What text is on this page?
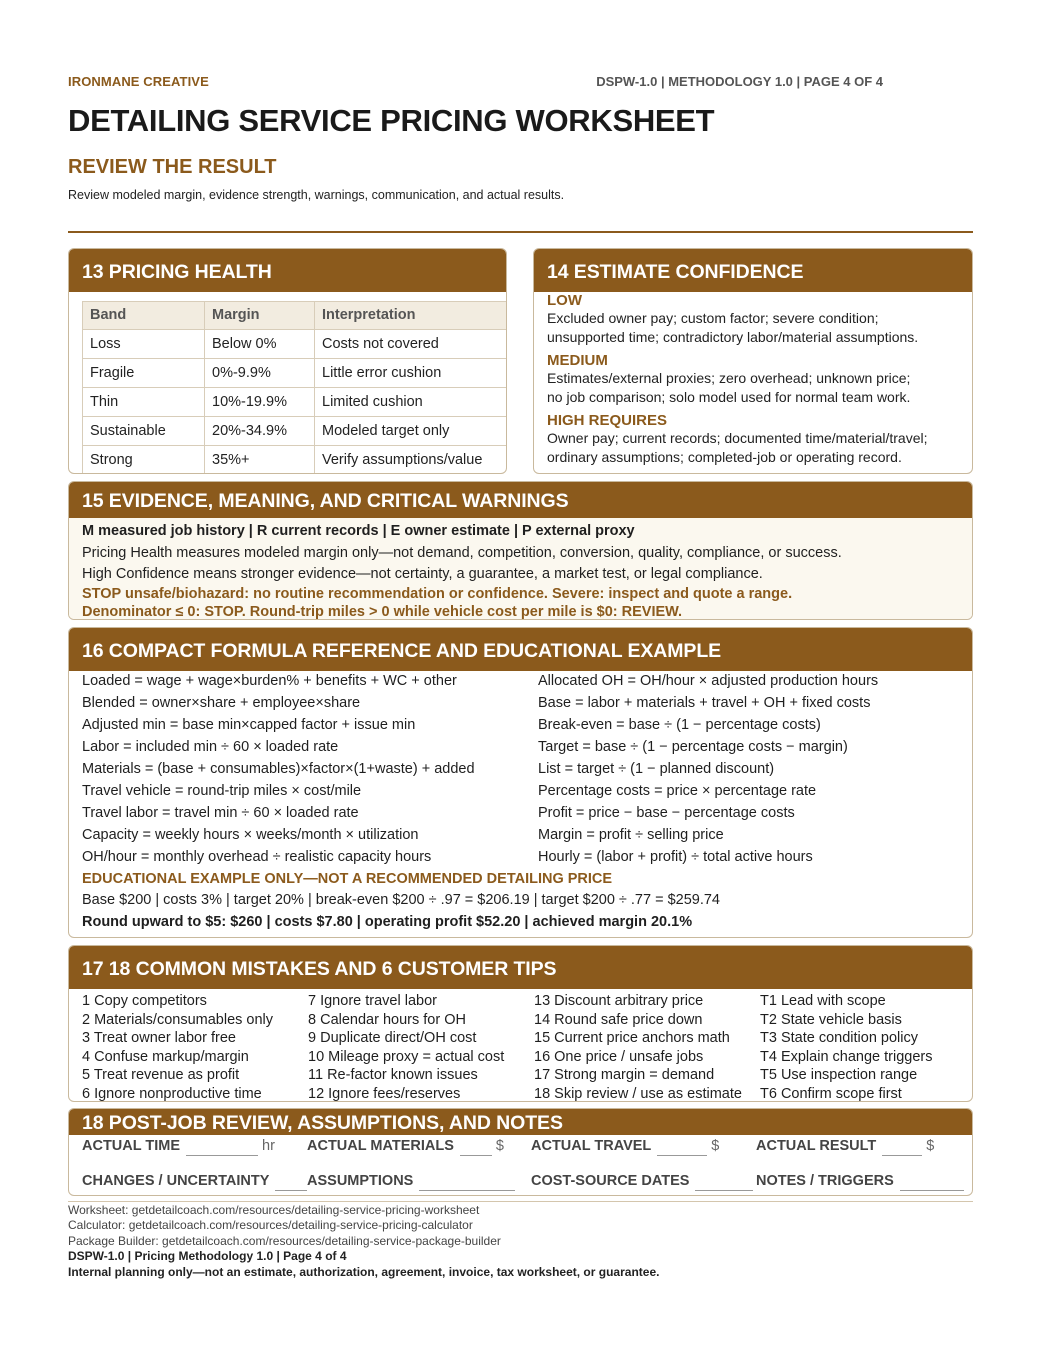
IRONMANE CREATIVE	DSPW-1.0 | METHODOLOGY 1.0 | PAGE 4 OF 4
DETAILING SERVICE PRICING WORKSHEET
REVIEW THE RESULT
Review modeled margin, evidence strength, warnings, communication, and actual results.
13 PRICING HEALTH
Band	Margin	Interpretation
Loss	Below 0%	Costs not covered
Fragile	0%-9.9%	Little error cushion
Thin	10%-19.9%	Limited cushion
Sustainable	20%-34.9%	Modeled target only
Strong	35%+	Verify assumptions/value
14 ESTIMATE CONFIDENCE
LOW
Excluded owner pay; custom factor; severe condition;
unsupported time; contradictory labor/material assumptions.
MEDIUM
Estimates/external proxies; zero overhead; unknown price;
no job comparison; solo model used for normal team work.
HIGH REQUIRES
Owner pay; current records; documented time/material/travel;
ordinary assumptions; completed-job or operating record.
15 EVIDENCE, MEANING, AND CRITICAL WARNINGS
M measured job history | R current records | E owner estimate | P external proxy
Pricing Health measures modeled margin only—not demand, competition, conversion, quality, compliance, or success.
High Confidence means stronger evidence—not certainty, a guarantee, a market test, or legal compliance.
STOP unsafe/biohazard: no routine recommendation or confidence. Severe: inspect and quote a range.
Denominator ≤ 0: STOP. Round-trip miles > 0 while vehicle cost per mile is $0: REVIEW.
16 COMPACT FORMULA REFERENCE AND EDUCATIONAL EXAMPLE
Loaded = wage + wage×burden% + benefits + WC + other
Blended = owner×share + employee×share
Adjusted min = base min×capped factor + issue min
Labor = included min ÷ 60 × loaded rate
Materials = (base + consumables)×factor×(1+waste) + added
Travel vehicle = round-trip miles × cost/mile
Travel labor = travel min ÷ 60 × loaded rate
Capacity = weekly hours × weeks/month × utilization
OH/hour = monthly overhead ÷ realistic capacity hours
Allocated OH = OH/hour × adjusted production hours
Base = labor + materials + travel + OH + fixed costs
Break-even = base ÷ (1 − percentage costs)
Target = base ÷ (1 − percentage costs − margin)
List = target ÷ (1 − planned discount)
Percentage costs = price × percentage rate
Profit = price − base − percentage costs
Margin = profit ÷ selling price
Hourly = (labor + profit) ÷ total active hours
EDUCATIONAL EXAMPLE ONLY—NOT A RECOMMENDED DETAILING PRICE
Base $200 | costs 3% | target 20% | break-even $200 ÷ .97 = $206.19 | target $200 ÷ .77 = $259.74
Round upward to $5: $260 | costs $7.80 | operating profit $52.20 | achieved margin 20.1%
17 18 COMMON MISTAKES AND 6 CUSTOMER TIPS
1 Copy competitors
2 Materials/consumables only
3 Treat owner labor free
4 Confuse markup/margin
5 Treat revenue as profit
6 Ignore nonproductive time
7 Ignore travel labor
8 Calendar hours for OH
9 Duplicate direct/OH cost
10 Mileage proxy = actual cost
11 Re-factor known issues
12 Ignore fees/reserves
13 Discount arbitrary price
14 Round safe price down
15 Current price anchors math
16 One price / unsafe jobs
17 Strong margin = demand
18 Skip review / use as estimate
T1 Lead with scope
T2 State vehicle basis
T3 State condition policy
T4 Explain change triggers
T5 Use inspection range
T6 Confirm scope first
18 POST-JOB REVIEW, ASSUMPTIONS, AND NOTES
ACTUAL TIME	hr ACTUAL MATERIALS	$ ACTUAL TRAVEL	$	ACTUAL RESULT	$
CHANGES / UNCERTAINTY	ASSUMPTIONS	COST-SOURCE DATES	NOTES / TRIGGERS
Worksheet: getdetailcoach.com/resources/detailing-service-pricing-worksheet
Calculator: getdetailcoach.com/resources/detailing-service-pricing-calculator
Package Builder: getdetailcoach.com/resources/detailing-service-package-builder
DSPW-1.0 | Pricing Methodology 1.0 | Page 4 of 4
Internal planning only—not an estimate, authorization, agreement, invoice, tax worksheet, or guarantee.
